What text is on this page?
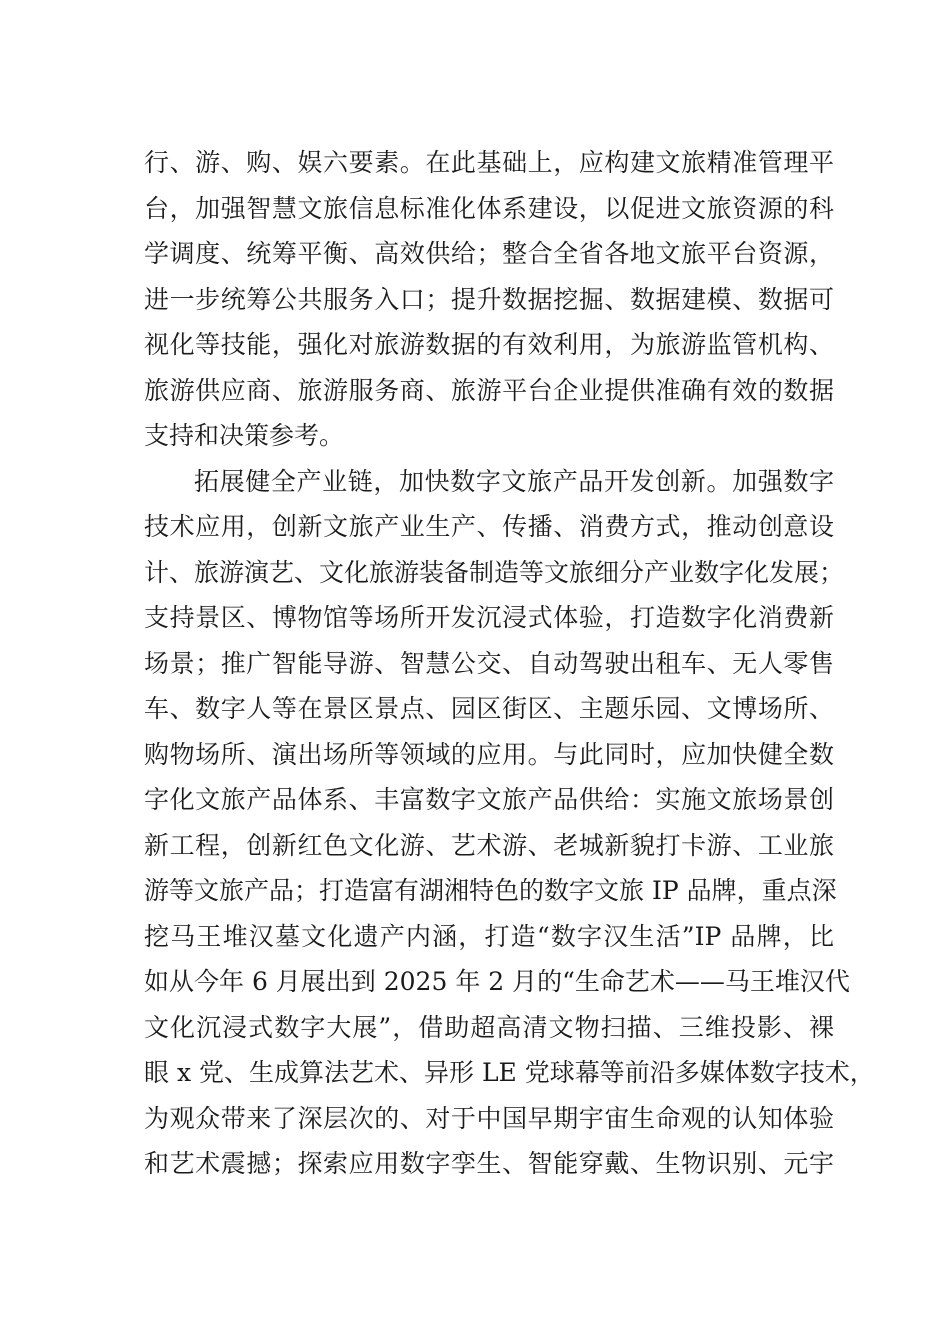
行、游、购、娱六要素。在此基础上，应构建文旅精准管理平
台，加强智慧文旅信息标准化体系建设，以促进文旅资源的科
学调度、统筹平衡、高效供给；整合全省各地文旅平台资源，
进一步统筹公共服务入口；提升数据挖掘、数据建模、数据可
视化等技能，强化对旅游数据的有效利用，为旅游监管机构、
旅游供应商、旅游服务商、旅游平台企业提供准确有效的数据
支持和决策参考。
拓展健全产业链，加快数字文旅产品开发创新。加强数字
技术应用，创新文旅产业生产、传播、消费方式，推动创意设
计、旅游演艺、文化旅游装备制造等文旅细分产业数字化发展；
支持景区、博物馆等场所开发沉浸式体验，打造数字化消费新
场景；推广智能导游、智慧公交、自动驾驶出租车、无人零售
车、数字人等在景区景点、园区街区、主题乐园、文博场所、
购物场所、演出场所等领域的应用。与此同时，应加快健全数
字化文旅产品体系、丰富数字文旅产品供给：实施文旅场景创
新工程，创新红色文化游、艺术游、老城新貌打卡游、工业旅
游等文旅产品；打造富有湖湘特色的数字文旅 IP 品牌，重点深
挖马王堆汉墓文化遗产内涵，打造“数字汉生活”IP 品牌，比
如从今年 6 月展出到 2025 年 2 月的“生命艺术——马王堆汉代
文化沉浸式数字大展”，借助超高清文物扫描、三维投影、裸
眼 x 党、生成算法艺术、异形 LE 党球幕等前沿多媒体数字技术，
为观众带来了深层次的、对于中国早期宇宙生命观的认知体验
和艺术震撼；探索应用数字孪生、智能穿戴、生物识别、元宇
